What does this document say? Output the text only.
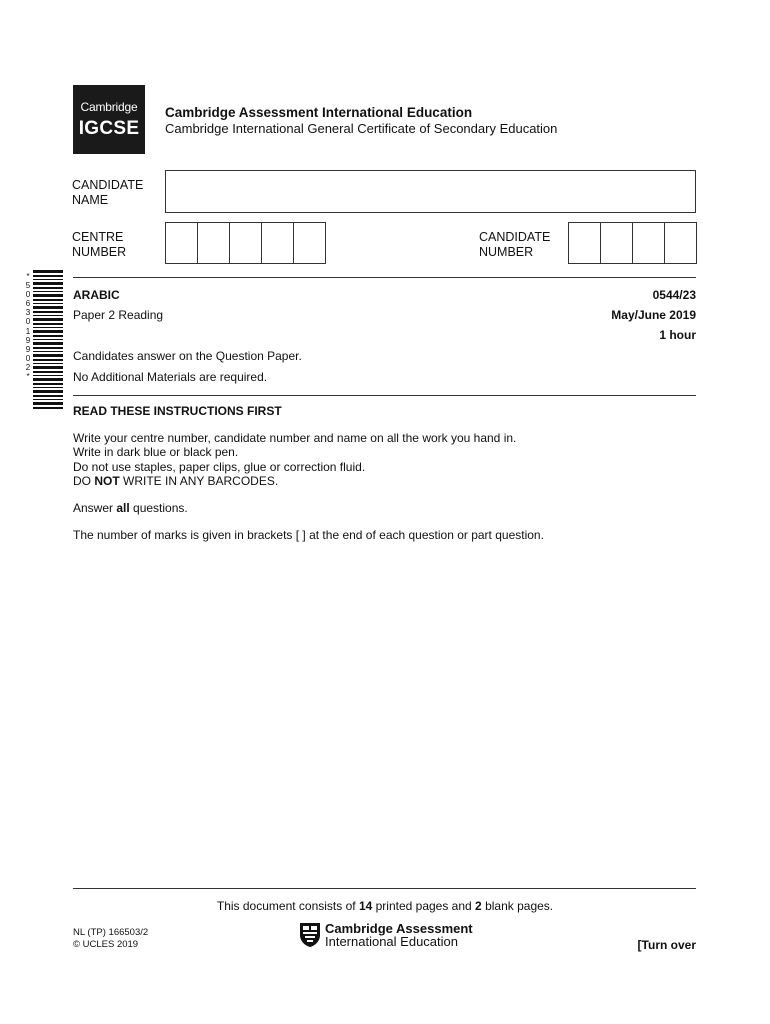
Cambridge
IGCSE
Cambridge Assessment International Education
Cambridge International General Certificate of Secondary Education
CANDIDATE
NAME
CENTRE
NUMBER
CANDIDATE
NUMBER
*
5
0
6
3
0
1
9
9
0
2
*
ARABIC	0544/23
Paper 2 Reading	May/June 2019
1 hour
Candidates answer on the Question Paper.
No Additional Materials are required.
READ THESE INSTRUCTIONS FIRST
Write your centre number, candidate number and name on all the work you hand in.
Write in dark blue or black pen.
Do not use staples, paper clips, glue or correction fluid.
DO NOT WRITE IN ANY BARCODES.
Answer all questions.
The number of marks is given in brackets [ ] at the end of each question or part question.
This document consists of 14 printed pages and 2 blank pages.
NL (TP) 166503/2
© UCLES 2019
Cambridge Assessment
International Education	[Turn over
